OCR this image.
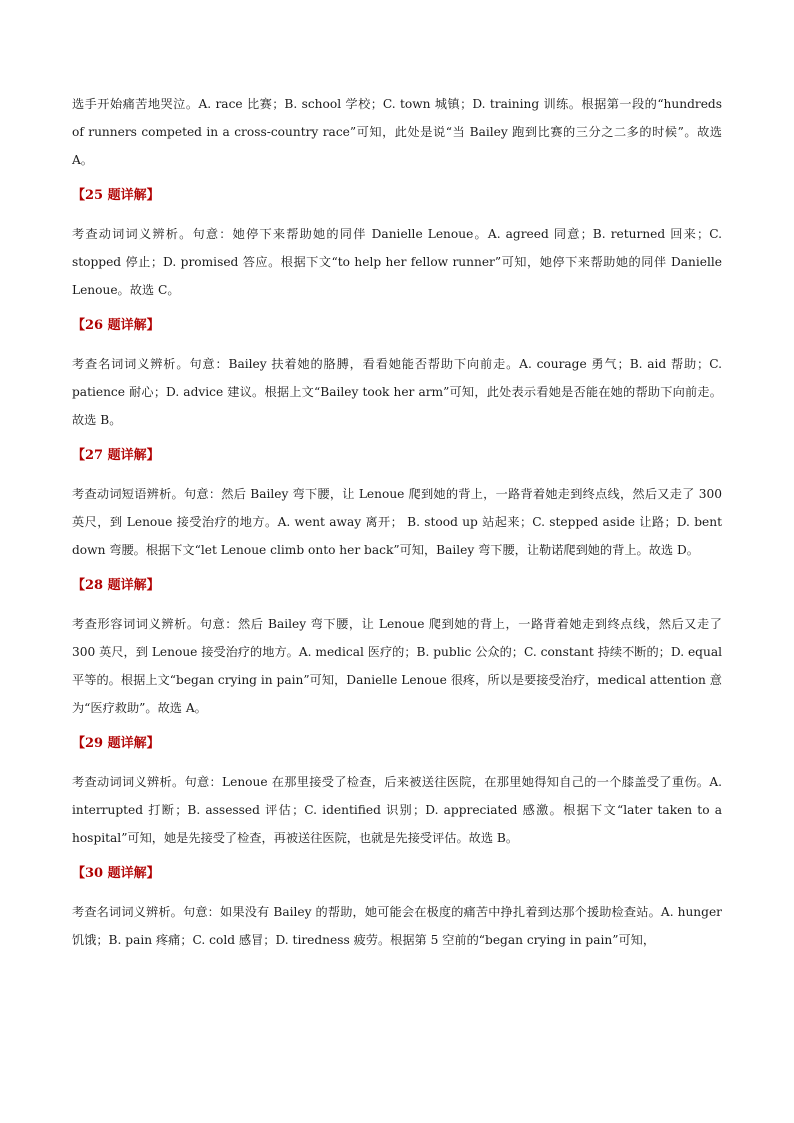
选手开始痛苦地哭泣。A. race 比赛；B. school 学校；C. town 城镇；D. training 训练。根据第一段的“hundreds of runners competed in a cross-country race”可知，此处是说“当 Bailey 跑到比赛的三分之二多的时候”。故选A。

【25 题详解】

考查动词词义辨析。句意：她停下来帮助她的同伴 Danielle Lenoue。A. agreed 同意；B. returned 回来；C. stopped 停止；D. promised 答应。根据下文“to help her fellow runner”可知，她停下来帮助她的同伴 Danielle Lenoue。故选 C。

【26 题详解】

考查名词词义辨析。句意：Bailey 扶着她的胳膊，看看她能否帮助下向前走。A. courage 勇气；B. aid 帮助；C. patience 耐心；D. advice 建议。根据上文“Bailey took her arm”可知，此处表示看她是否能在她的帮助下向前走。故选 B。

【27 题详解】

考查动词短语辨析。句意：然后 Bailey 弯下腰，让 Lenoue 爬到她的背上，一路背着她走到终点线，然后又走了 300 英尺，到 Lenoue 接受治疗的地方。A. went away 离开； B. stood up 站起来；C. stepped aside 让路；D. bent down 弯腰。根据下文“let Lenoue climb onto her back”可知，Bailey 弯下腰，让勒诺爬到她的背上。故选 D。

【28 题详解】

考查形容词词义辨析。句意：然后 Bailey 弯下腰，让 Lenoue 爬到她的背上，一路背着她走到终点线，然后又走了 300 英尺，到 Lenoue 接受治疗的地方。A. medical 医疗的；B. public 公众的；C. constant 持续不断的；D. equal 平等的。根据上文“began crying in pain”可知，Danielle Lenoue 很疼，所以是要接受治疗，medical attention 意为“医疗救助”。故选 A。

【29 题详解】

考查动词词义辨析。句意：Lenoue 在那里接受了检查，后来被送往医院，在那里她得知自己的一个膝盖受了重伤。A. interrupted 打断；B. assessed 评估；C. identified 识别；D. appreciated 感激。根据下文“later taken to a hospital”可知，她是先接受了检查，再被送往医院，也就是先接受评估。故选 B。

【30 题详解】

考查名词词义辨析。句意：如果没有 Bailey 的帮助，她可能会在极度的痛苦中挣扎着到达那个援助检查站。A. hunger 饥饿；B. pain 疼痛；C. cold 感冒；D. tiredness 疲劳。根据第 5 空前的“began crying in pain”可知，
